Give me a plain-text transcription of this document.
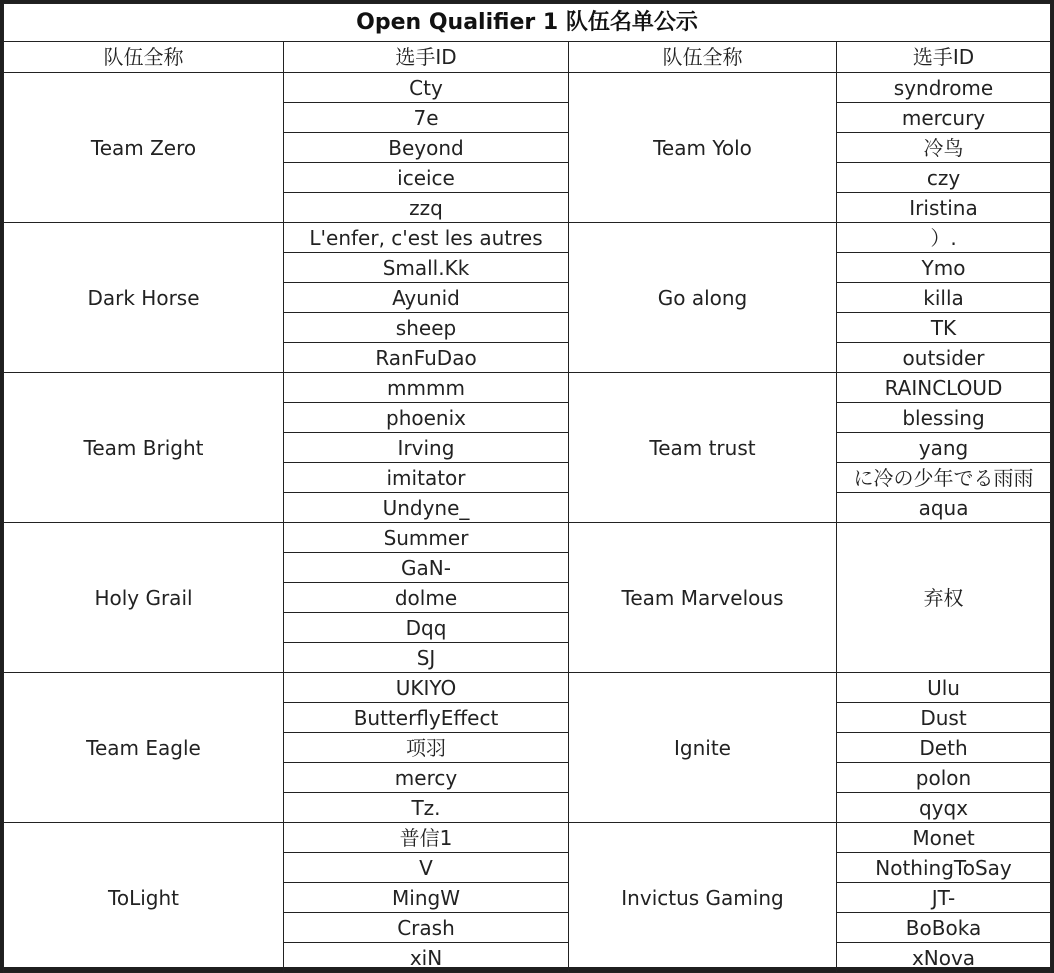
Open Qualifier 1 队伍名单公示			
队伍全称	选手ID	队伍全称	选手ID
Team Zero	Cty	Team Yolo	syndrome
	7e		mercury
	Beyond		冷鸟
	iceice		czy
	zzq		Iristina
Dark Horse	L'enfer, c'est les autres	Go along	）.
	Small.Kk		Ymo
	Ayunid		killa
	sheep		TK
	RanFuDao		outsider
Team Bright	mmmm	Team trust	RAINCLOUD
	phoenix		blessing
	Irving		yang
	imitator		に冷の少年でる雨雨
	Undyne_		aqua
Holy Grail	Summer	Team Marvelous	弃权
	GaN-		
	dolme		
	Dqq		
	SJ		
Team Eagle	UKIYO	Ignite	Ulu
	ButterflyEffect		Dust
	项羽		Deth
	mercy		polon
	Tz.		qyqx
ToLight	普信1	Invictus Gaming	Monet
	V		NothingToSay
	MingW		JT-
	Crash		BoBoka
	xiN		xNova
